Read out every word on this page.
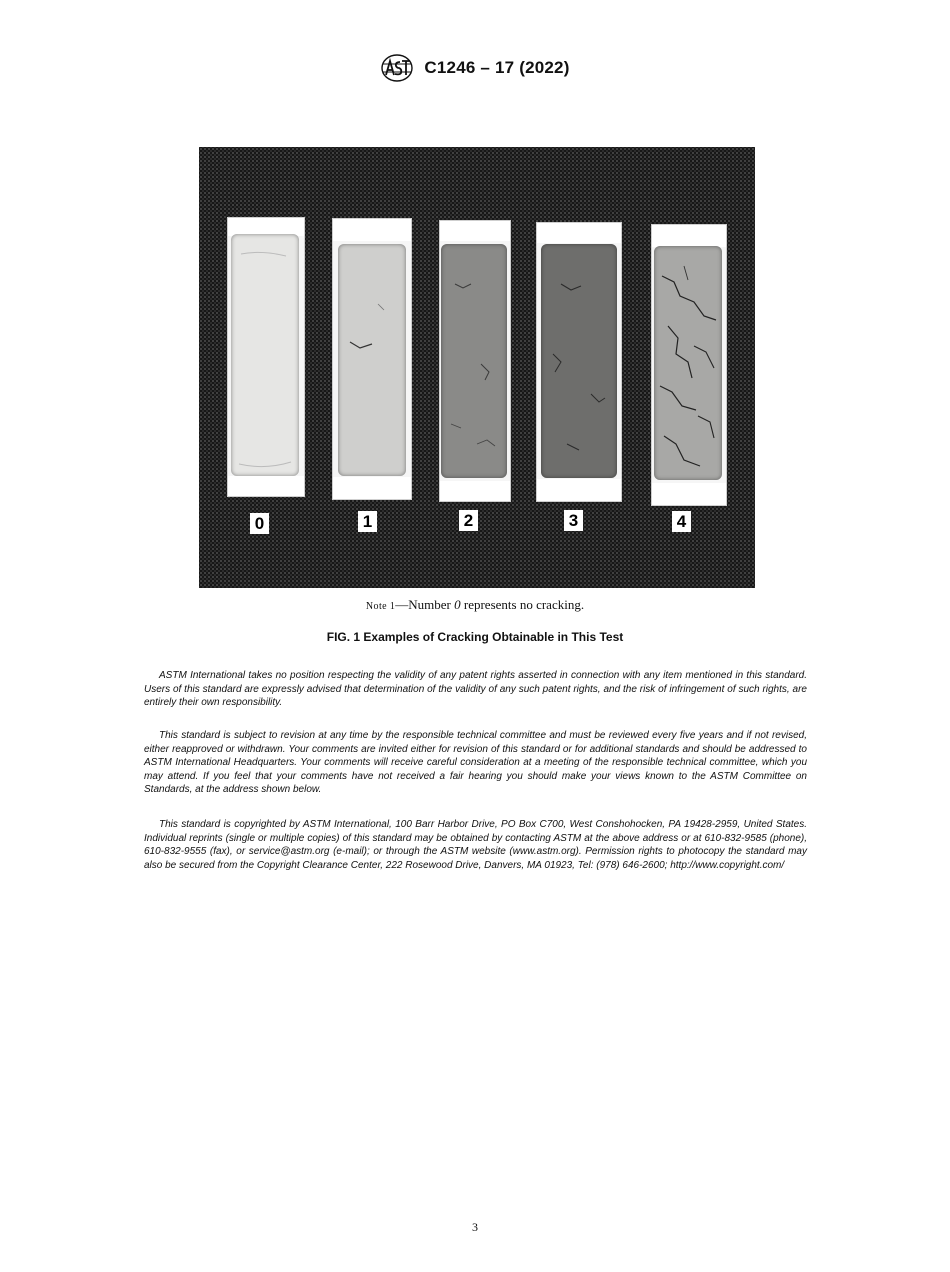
C1246 – 17 (2022)
0	1	2	3	4
Note 1—Number 0 represents no cracking.
FIG. 1 Examples of Cracking Obtainable in This Test

ASTM International takes no position respecting the validity of any patent rights asserted in connection with any item mentioned in this standard. Users of this standard are expressly advised that determination of the validity of any such patent rights, and the risk of infringement of such rights, are entirely their own responsibility.

This standard is subject to revision at any time by the responsible technical committee and must be reviewed every five years and if not revised, either reapproved or withdrawn. Your comments are invited either for revision of this standard or for additional standards and should be addressed to ASTM International Headquarters. Your comments will receive careful consideration at a meeting of the responsible technical committee, which you may attend. If you feel that your comments have not received a fair hearing you should make your views known to the ASTM Committee on Standards, at the address shown below.

This standard is copyrighted by ASTM International, 100 Barr Harbor Drive, PO Box C700, West Conshohocken, PA 19428-2959, United States. Individual reprints (single or multiple copies) of this standard may be obtained by contacting ASTM at the above address or at 610-832-9585 (phone), 610-832-9555 (fax), or service@astm.org (e-mail); or through the ASTM website (www.astm.org). Permission rights to photocopy the standard may also be secured from the Copyright Clearance Center, 222 Rosewood Drive, Danvers, MA 01923, Tel: (978) 646-2600; http://www.copyright.com/

3
